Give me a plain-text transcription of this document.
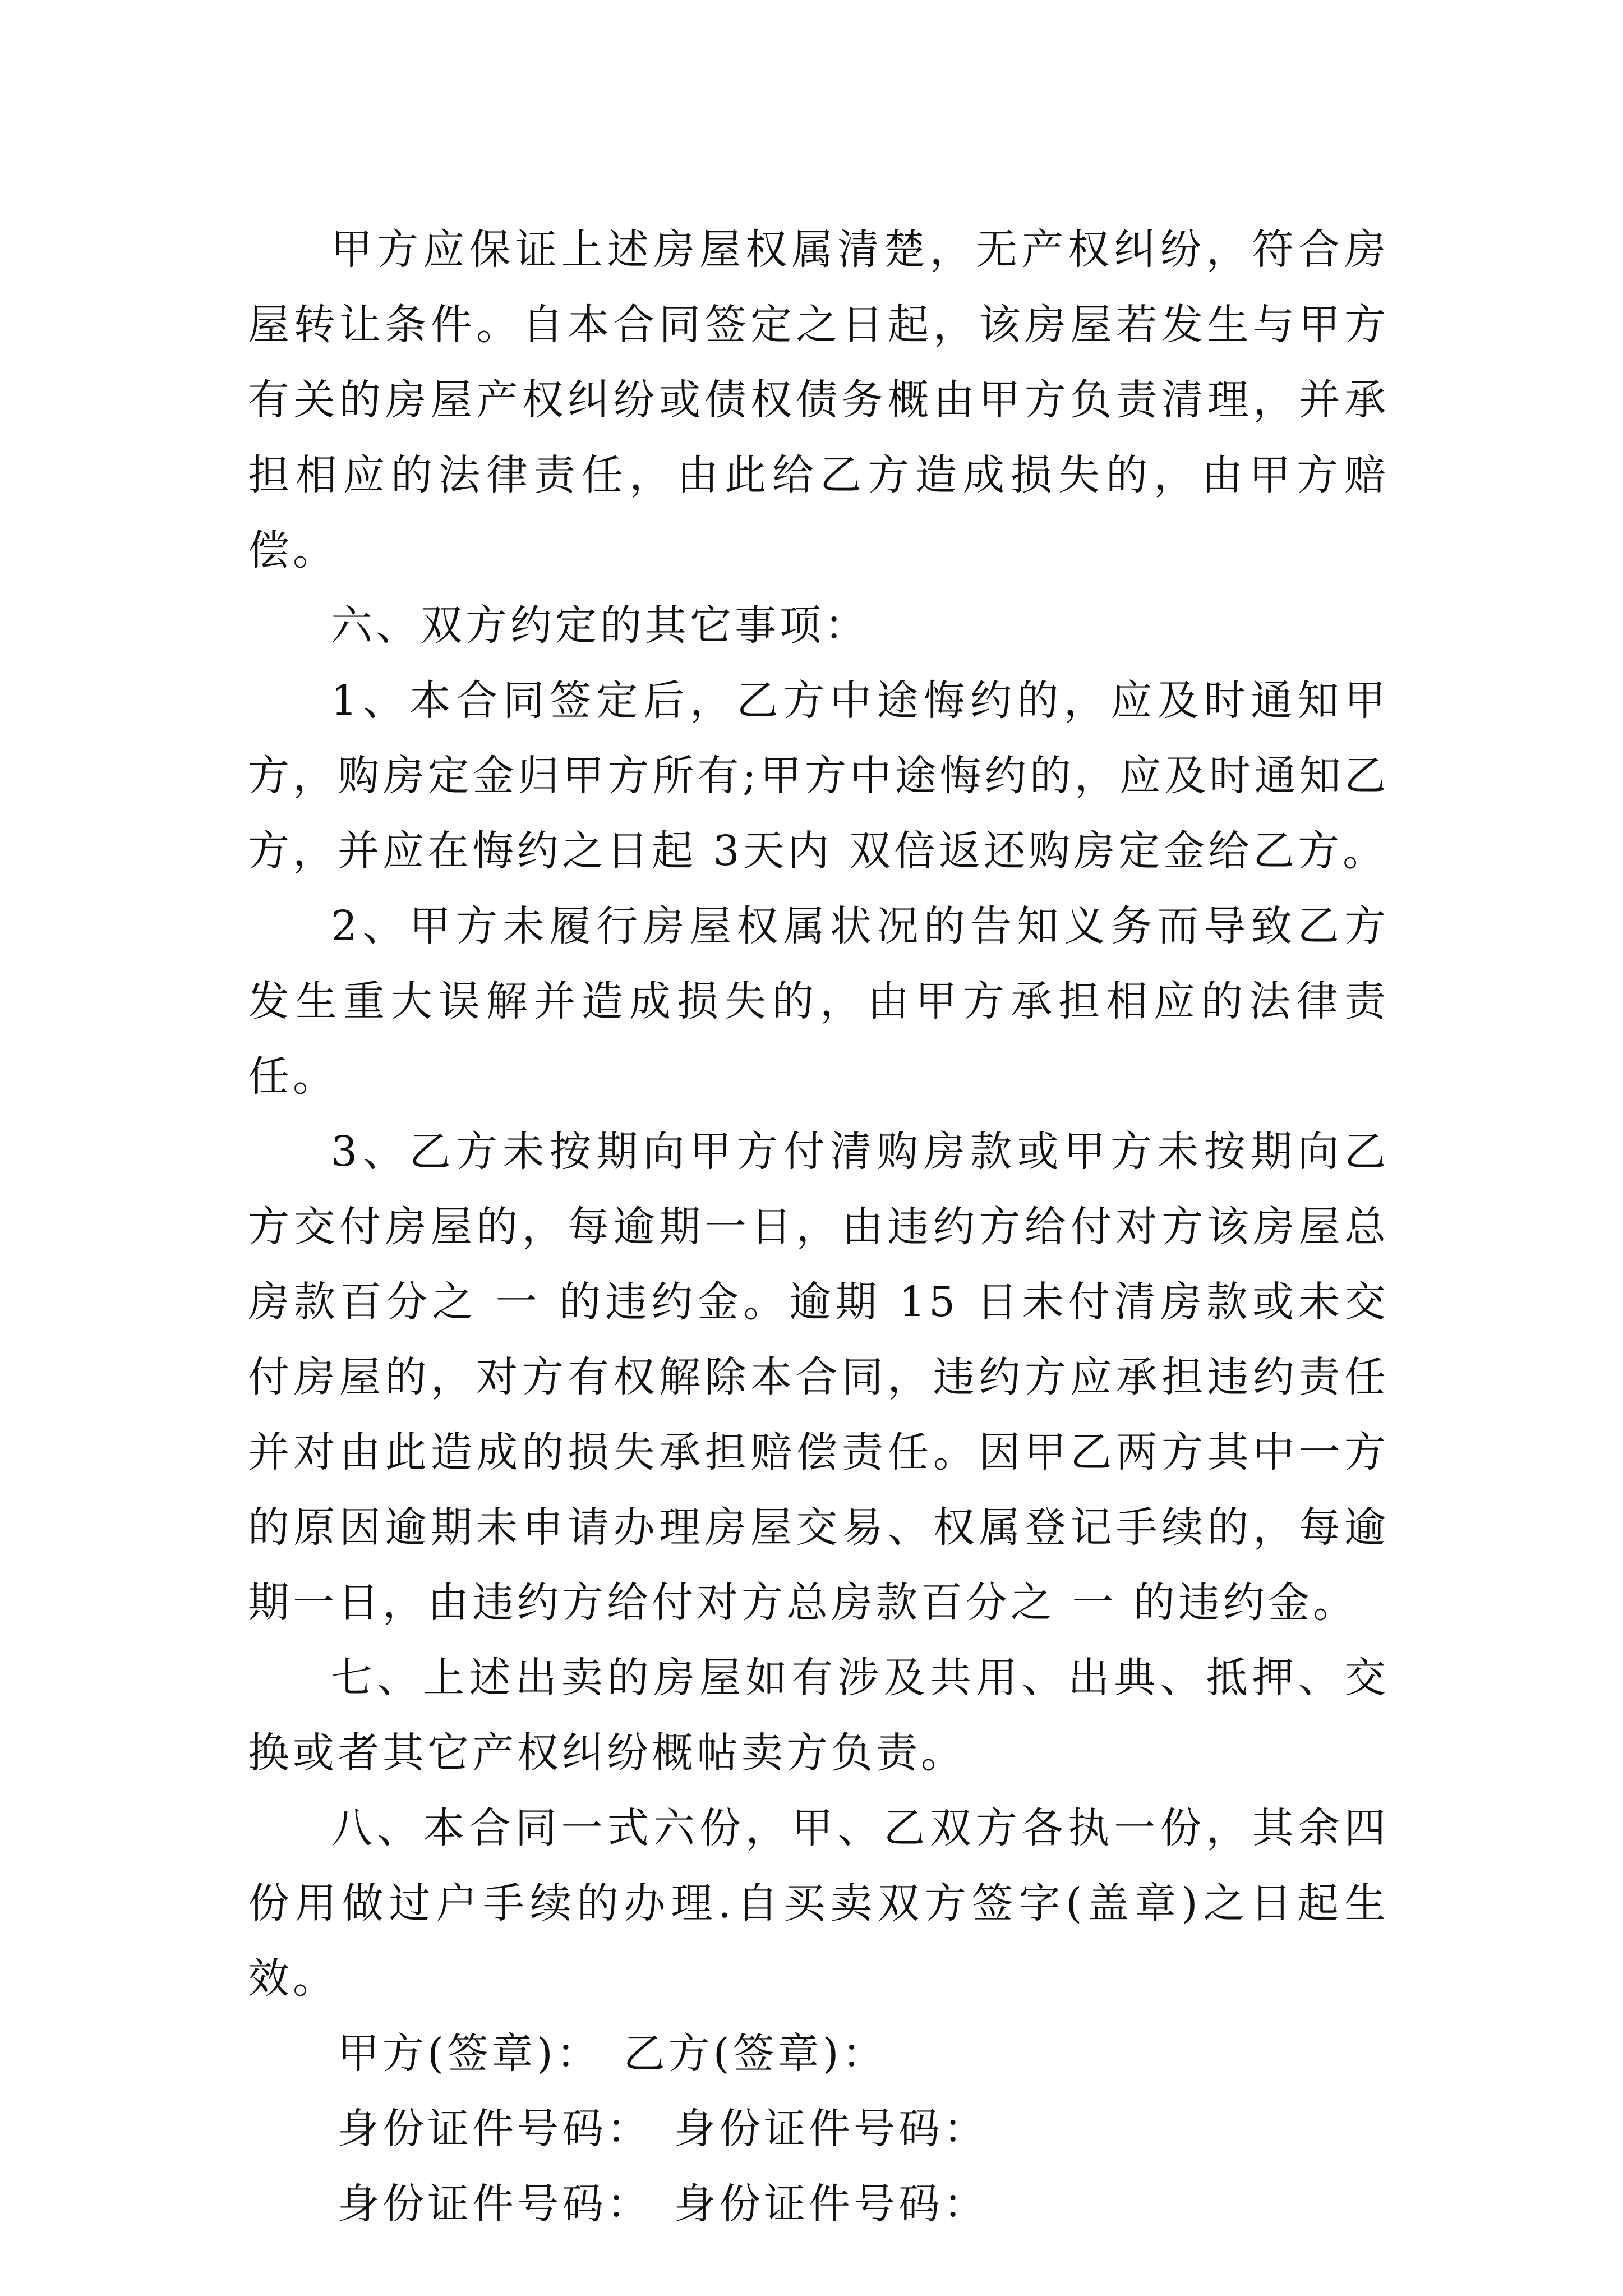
甲方应保证上述房屋权属清楚，无产权纠纷，符合房屋转让条件。自本合同签定之日起，该房屋若发生与甲方有关的房屋产权纠纷或债权债务概由甲方负责清理，并承担相应的法律责任，由此给乙方造成损失的，由甲方赔偿。

六、双方约定的其它事项：

1、本合同签定后，乙方中途悔约的，应及时通知甲方，购房定金归甲方所有;甲方中途悔约的，应及时通知乙方，并应在悔约之日起 3天内 双倍返还购房定金给乙方。

2、甲方未履行房屋权属状况的告知义务而导致乙方发生重大误解并造成损失的，由甲方承担相应的法律责任。

3、乙方未按期向甲方付清购房款或甲方未按期向乙方交付房屋的，每逾期一日，由违约方给付对方该房屋总房款百分之 一 的违约金。逾期 15 日未付清房款或未交付房屋的，对方有权解除本合同，违约方应承担违约责任并对由此造成的损失承担赔偿责任。因甲乙两方其中一方的原因逾期未申请办理房屋交易、权属登记手续的，每逾期一日，由违约方给付对方总房款百分之 一 的违约金。

七、上述出卖的房屋如有涉及共用、出典、抵押、交换或者其它产权纠纷概帖卖方负责。

八、本合同一式六份，甲、乙双方各执一份，其余四份用做过户手续的办理.自买卖双方签字(盖章)之日起生效。

甲方(签章)： 乙方(签章)：
身份证件号码： 身份证件号码：
身份证件号码： 身份证件号码：
